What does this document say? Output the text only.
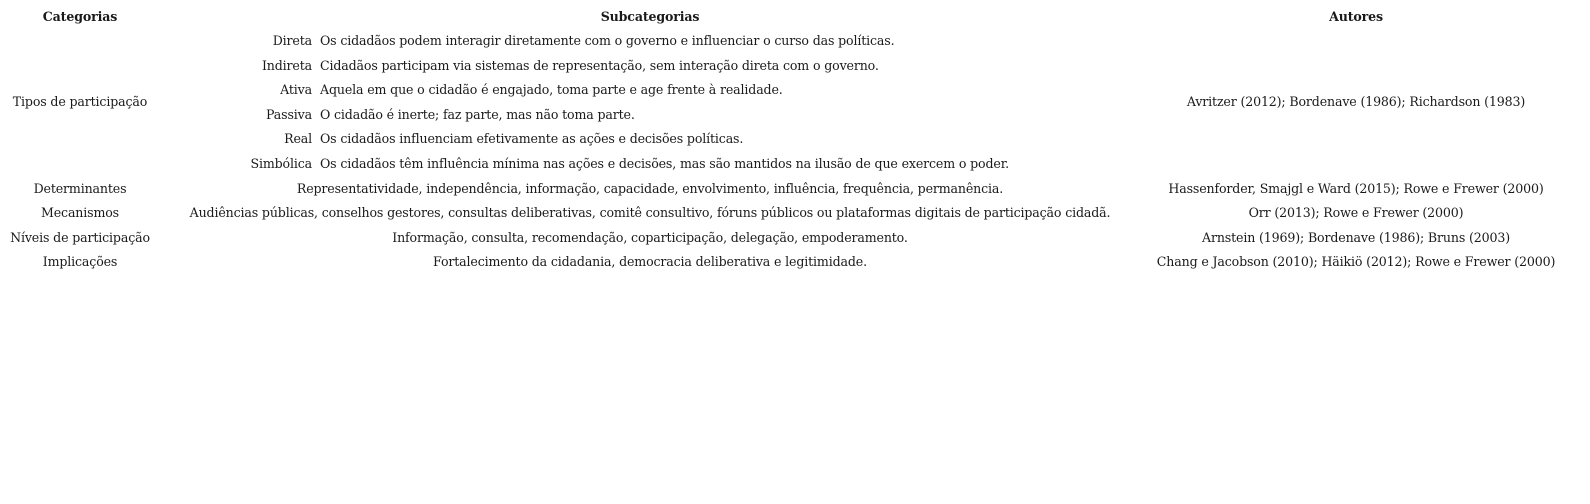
Categorias	Subcategorias		Autores
Tipos de participação	Direta	Os cidadãos podem interagir diretamente com o governo e influenciar o curso das políticas.	Avritzer (2012); Bordenave (1986); Richardson (1983)
	Indireta	Cidadãos participam via sistemas de representação, sem interação direta com o governo.	
	Ativa	Aquela em que o cidadão é engajado, toma parte e age frente à realidade.	
	Passiva	O cidadão é inerte; faz parte, mas não toma parte.	
	Real	Os cidadãos influenciam efetivamente as ações e decisões políticas.	
	Simbólica	Os cidadãos têm influência mínima nas ações e decisões, mas são mantidos na ilusão de que exercem o poder.	
Determinantes	Representatividade, independência, informação, capacidade, envolvimento, influência, frequência, permanência.		Hassenforder, Smajgl e Ward (2015); Rowe e Frewer (2000)
Mecanismos	Audiências públicas, conselhos gestores, consultas deliberativas, comitê consultivo, fóruns públicos ou plataformas digitais de participação cidadã.		Orr (2013); Rowe e Frewer (2000)
Níveis de participação	Informação, consulta, recomendação, coparticipação, delegação, empoderamento.		Arnstein (1969); Bordenave (1986); Bruns (2003)
Implicações	Fortalecimento da cidadania, democracia deliberativa e legitimidade.		Chang e Jacobson (2010); Häikiö (2012); Rowe e Frewer (2000)
